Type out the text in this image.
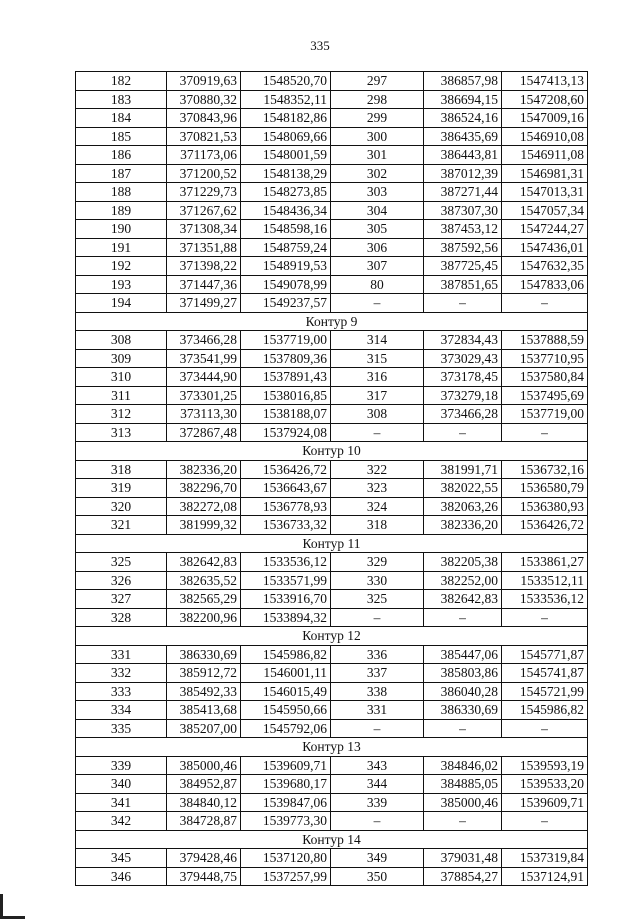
335
182	370919,63	1548520,70	297	386857,98	1547413,13
183	370880,32	1548352,11	298	386694,15	1547208,60
184	370843,96	1548182,86	299	386524,16	1547009,16
185	370821,53	1548069,66	300	386435,69	1546910,08
186	371173,06	1548001,59	301	386443,81	1546911,08
187	371200,52	1548138,29	302	387012,39	1546981,31
188	371229,73	1548273,85	303	387271,44	1547013,31
189	371267,62	1548436,34	304	387307,30	1547057,34
190	371308,34	1548598,16	305	387453,12	1547244,27
191	371351,88	1548759,24	306	387592,56	1547436,01
192	371398,22	1548919,53	307	387725,45	1547632,35
193	371447,36	1549078,99	80	387851,65	1547833,06
194	371499,27	1549237,57	–	–	–
Контур 9					
308	373466,28	1537719,00	314	372834,43	1537888,59
309	373541,99	1537809,36	315	373029,43	1537710,95
310	373444,90	1537891,43	316	373178,45	1537580,84
311	373301,25	1538016,85	317	373279,18	1537495,69
312	373113,30	1538188,07	308	373466,28	1537719,00
313	372867,48	1537924,08	–	–	–
Контур 10					
318	382336,20	1536426,72	322	381991,71	1536732,16
319	382296,70	1536643,67	323	382022,55	1536580,79
320	382272,08	1536778,93	324	382063,26	1536380,93
321	381999,32	1536733,32	318	382336,20	1536426,72
Контур 11					
325	382642,83	1533536,12	329	382205,38	1533861,27
326	382635,52	1533571,99	330	382252,00	1533512,11
327	382565,29	1533916,70	325	382642,83	1533536,12
328	382200,96	1533894,32	–	–	–
Контур 12					
331	386330,69	1545986,82	336	385447,06	1545771,87
332	385912,72	1546001,11	337	385803,86	1545741,87
333	385492,33	1546015,49	338	386040,28	1545721,99
334	385413,68	1545950,66	331	386330,69	1545986,82
335	385207,00	1545792,06	–	–	–
Контур 13					
339	385000,46	1539609,71	343	384846,02	1539593,19
340	384952,87	1539680,17	344	384885,05	1539533,20
341	384840,12	1539847,06	339	385000,46	1539609,71
342	384728,87	1539773,30	–	–	–
Контур 14					
345	379428,46	1537120,80	349	379031,48	1537319,84
346	379448,75	1537257,99	350	378854,27	1537124,91
